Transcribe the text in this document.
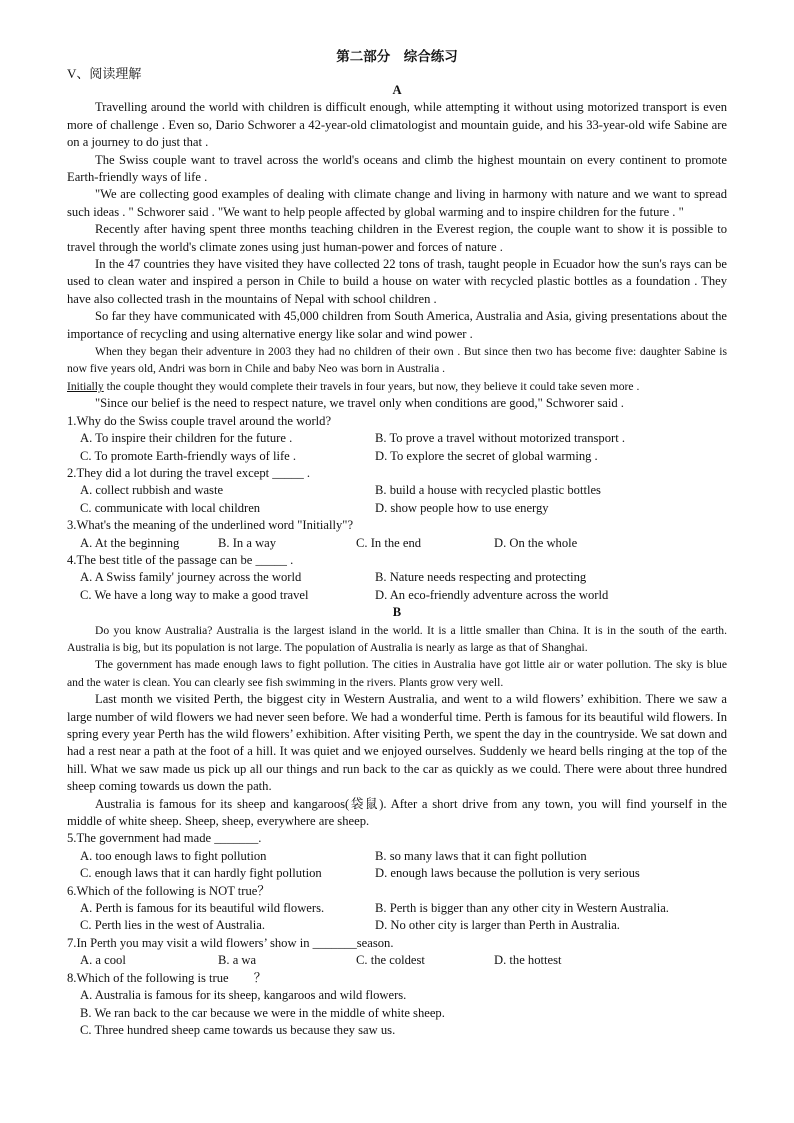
第二部分　综合练习
V、阅读理解
A

Travelling around the world with children is difficult enough, while attempting it without using motorized transport is even more of challenge . Even so, Dario Schworer a 42-year-old climatologist and mountain guide, and his 33-year-old wife Sabine are on a journey to do just that .

The Swiss couple want to travel across the world's oceans and climb the highest mountain on every continent to promote Earth-friendly ways of life .

"We are collecting good examples of dealing with climate change and living in harmony with nature and we want to spread such ideas . " Schworer said . "We want to help people affected by global warming and to inspire children for the future . "

Recently after having spent three months teaching children in the Everest region, the couple want to show it is possible to travel through the world's climate zones using just human-power and forces of nature .

In the 47 countries they have visited they have collected 22 tons of trash, taught people in Ecuador how the sun's rays can be used to clean water and inspired a person in Chile to build a house on water with recycled plastic bottles as a foundation . They have also collected trash in the mountains of Nepal with school children .

So far they have communicated with 45,000 children from South America, Australia and Asia, giving presentations about the importance of recycling and using alternative energy like solar and wind power .

When they began their adventure in 2003 they had no children of their own . But since then two has become five: daughter Sabine is now five years old, Andri was born in Chile and baby Neo was born in Australia .

Initially the couple thought they would complete their travels in four years, but now, they believe it could take seven more .

"Since our belief is the need to respect nature, we travel only when conditions are good," Schworer said .

1.Why do the Swiss couple travel around the world?
A. To inspire their children for the future .	B. To prove a travel without motorized transport .
C. To promote Earth-friendly ways of life .	D. To explore the secret of global warming .
2.They did a lot during the travel except _____ .
A. collect rubbish and waste	B. build a house with recycled plastic bottles
C. communicate with local children	D. show people how to use energy
3.What's the meaning of the underlined word "Initially"?
A. At the beginning	B. In a way	C. In the end	D. On the whole
4.The best title of the passage can be _____ .
A. A Swiss family' journey across the world	B. Nature needs respecting and protecting
C. We have a long way to make a good travel	D. An eco-friendly adventure across the world
B

Do you know Australia? Australia is the largest island in the world. It is a little smaller than China. It is in the south of the earth. Australia is big, but its population is not large. The population of Australia is nearly as large as that of Shanghai.

The government has made enough laws to fight pollution. The cities in Australia have got little air or water pollution. The sky is blue and the water is clean. You can clearly see fish swimming in the rivers. Plants grow very well.

Last month we visited Perth, the biggest city in Western Australia, and went to a wild flowers’ exhibition. There we saw a large number of wild flowers we had never seen before. We had a wonderful time. Perth is famous for its beautiful wild flowers. In spring every year Perth has the wild flowers’ exhibition. After visiting Perth, we spent the day in the countryside. We sat down and had a rest near a path at the foot of a hill. It was quiet and we enjoyed ourselves. Suddenly we heard bells ringing at the top of the hill. What we saw made us pick up all our things and run back to the car as quickly as we could. There were about three hundred sheep coming towards us down the path.

Australia is famous for its sheep and kangaroos(袋鼠). After a short drive from any town, you will find yourself in the middle of white sheep. Sheep, sheep, everywhere are sheep.

5.The government had made _______.
A. too enough laws to fight pollution	B. so many laws that it can fight pollution
C. enough laws that it can hardly fight pollution	D. enough laws because the pollution is very serious
6.Which of the following is NOT true？
A. Perth is famous for its beautiful wild flowers.	B. Perth is bigger than any other city in Western Australia.
C. Perth lies in the west of Australia.	D. No other city is larger than Perth in Australia.
7.In Perth you may visit a wild flowers’ show in _______season.
A. a cool	B. a wa	C. the coldest	D. the hottest
8.Which of the following is true　　？
A. Australia is famous for its sheep, kangaroos and wild flowers.
B. We ran back to the car because we were in the middle of white sheep.
C. Three hundred sheep came towards us because they saw us.
